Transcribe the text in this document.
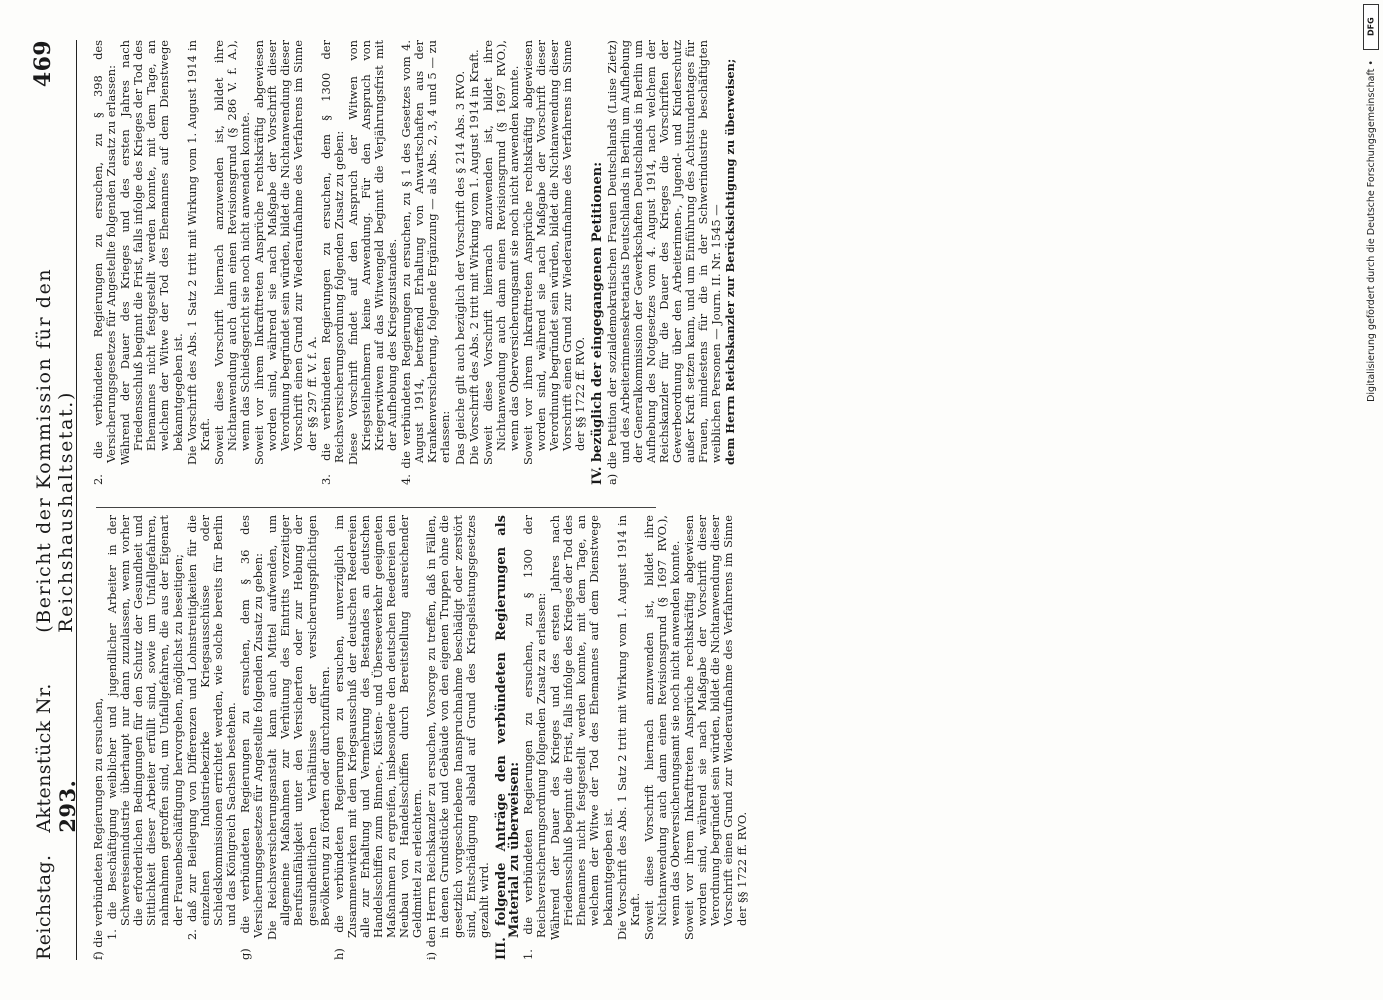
Reichstag.
Aktenstück Nr. 293.
(Bericht der Kommission für den Reichshaushaltsetat.)
469

f) die verbündeten Regierungen zu ersuchen, 1. die Beschäftigung weiblicher und jugendlicher Arbeiter in der Schwereisenindustrie überhaupt nur dann zuzulassen, wenn vorher die erforderlichen Bedingungen für den Schutz der Gesundheit und Sittlichkeit dieser Arbeiter erfüllt sind, sowie um Unfallgefahren, nahmahmen getroffen sind, um Unfallgefahren, die aus der Eigenart der Frauenbeschäftigung hervorgehen, möglichst zu beseitigen; 2. daß zur Beilegung von Differenzen und Lohnstreitigkeiten für die einzelnen Industriebezirke Kriegsausschüsse oder Schiedskommissionen errichtet werden, wie solche bereits für Berlin und das Königreich Sachsen bestehen. g) die verbündeten Regierungen zu ersuchen, dem § 36 des Versicherungsgesetzes für Angestellte folgenden Zusatz zu geben: Die Reichsversicherungsanstalt kann auch Mittel aufwenden, um allgemeine Maßnahmen zur Verhütung des Eintritts vorzeitiger Berufsunfähigkeit unter den Versicherten oder zur Hebung der gesundheitlichen Verhältnisse der versicherungspflichtigen Bevölkerung zu fördern oder durchzuführen. h) die verbündeten Regierungen zu ersuchen, unverzüglich im Zusammenwirken mit dem Kriegsausschuß der deutschen Reedereien alle zur Erhaltung und Vermehrung des Bestandes an deutschen Handelsschiffen zum Binnen-, Küsten- und Überseeverkehr geeigneten Maßnahmen zu ergreifen, insbesondere den deutschen Reedereien den Neubau von Handelsschiffen durch Bereitstellung ausreichender Geldmittel zu erleichtern. i) den Herrn Reichskanzler zu ersuchen, Vorsorge zu treffen, daß in Fällen, in denen Grundstücke und Gebäude von den eigenen Truppen ohne die gesetzlich vorgeschriebene Inanspruchnahme beschädigt oder zerstört sind, Entschädigung alsbald auf Grund des Kriegsleistungsgesetzes gezahlt wird. III. folgende Anträge den verbündeten Regierungen als Material zu überweisen: 1. die verbündeten Regierungen zu ersuchen, zu § 1300 der Reichsversicherungsordnung folgenden Zusatz zu erlassen: Während der Dauer des Krieges und des ersten Jahres nach Friedensschluß beginnt die Frist, falls infolge des Krieges der Tod des Ehemannes nicht festgestellt werden konnte, mit dem Tage, an welchem der Witwe der Tod des Ehemannes auf dem Dienstwege bekanntgegeben ist. Die Vorschrift des Abs. 1 Satz 2 tritt mit Wirkung vom 1. August 1914 in Kraft. Soweit diese Vorschrift hiernach anzuwenden ist, bildet ihre Nichtanwendung auch dann einen Revisionsgrund (§ 1697 RVO.), wenn das Oberversicherungsamt sie noch nicht anwenden konnte. Soweit vor ihrem Inkrafttreten Ansprüche rechtskräftig abgewiesen worden sind, während sie nach Maßgabe der Vorschrift dieser Verordnung begründet sein würden, bildet die Nichtanwendung dieser Vorschrift einen Grund zur Wiederaufnahme des Verfahrens im Sinne der §§ 1722 ff. RVO.

2. die verbündeten Regierungen zu ersuchen, zu § 398 des Versicherungsgesetzes für Angestellte folgenden Zusatz zu erlassen: Während der Dauer des Krieges und des ersten Jahres nach Friedensschluß beginnt die Frist, falls infolge des Krieges der Tod des Ehemannes nicht festgestellt werden konnte, mit dem Tage, an welchem der Witwe der Tod des Ehemannes auf dem Dienstwege bekanntgegeben ist. Die Vorschrift des Abs. 1 Satz 2 tritt mit Wirkung vom 1. August 1914 in Kraft. Soweit diese Vorschrift hiernach anzuwenden ist, bildet ihre Nichtanwendung auch dann einen Revisionsgrund (§ 286 V. f. A.), wenn das Schiedsgericht sie noch nicht anwenden konnte. Soweit vor ihrem Inkrafttreten Ansprüche rechtskräftig abgewiesen worden sind, während sie nach Maßgabe der Vorschrift dieser Verordnung begründet sein würden, bildet die Nichtanwendung dieser Vorschrift einen Grund zur Wiederaufnahme des Verfahrens im Sinne der §§ 297 ff. V. f. A. 3. die verbündeten Regierungen zu ersuchen, dem § 1300 der Reichsversicherungsordnung folgenden Zusatz zu geben: Diese Vorschrift findet auf den Anspruch der Witwen von Kriegsteilnehmern keine Anwendung. Für den Anspruch von Kriegerwitwen auf das Witwengeld beginnt die Verjährungsfrist mit der Aufhebung des Kriegszustandes. 4. die verbündeten Regierungen zu ersuchen, zu § 1 des Gesetzes vom 4. August 1914, betreffend Erhaltung von Anwartschaften aus der Krankenversicherung, folgende Ergänzung — als Abs. 2, 3, 4 und 5 — zu erlassen: Das gleiche gilt auch bezüglich der Vorschrift des § 214 Abs. 3 RVO. Die Vorschrift des Abs. 2 tritt mit Wirkung vom 1. August 1914 in Kraft. Soweit diese Vorschrift hiernach anzuwenden ist, bildet ihre Nichtanwendung auch dann einen Revisionsgrund (§ 1697 RVO.), wenn das Oberversicherungsamt sie noch nicht anwenden konnte. Soweit vor ihrem Inkrafttreten Ansprüche rechtskräftig abgewiesen worden sind, während sie nach Maßgabe der Vorschrift dieser Verordnung begründet sein würden, bildet die Nichtanwendung dieser Vorschrift einen Grund zur Wiederaufnahme des Verfahrens im Sinne der §§ 1722 ff. RVO. IV. bezüglich der eingegangenen Petitionen: a) die Petition der sozialdemokratischen Frauen Deutschlands (Luise Zietz) und des Arbeiterinnensekretariats Deutschlands in Berlin um Aufhebung der Generalkommission der Gewerkschaften Deutschlands in Berlin um Aufhebung des Notgesetzes vom 4. August 1914, nach welchem der Reichskanzler für die Dauer des Krieges die Vorschriften der Gewerbeordnung über den Arbeiterinnen-, Jugend- und Kinderschutz außer Kraft setzen kann, und um Einführung des Achtstundentages für Frauen, mindestens für die in der Schwerindustrie beschäftigten weiblichen Personen — Journ. II. Nr. 1545 — dem Herrn Reichskanzler zur Berücksichtigung zu überweisen;

DFG
Digitalisierung gefördert durch die Deutsche Forschungsgemeinschaft •
